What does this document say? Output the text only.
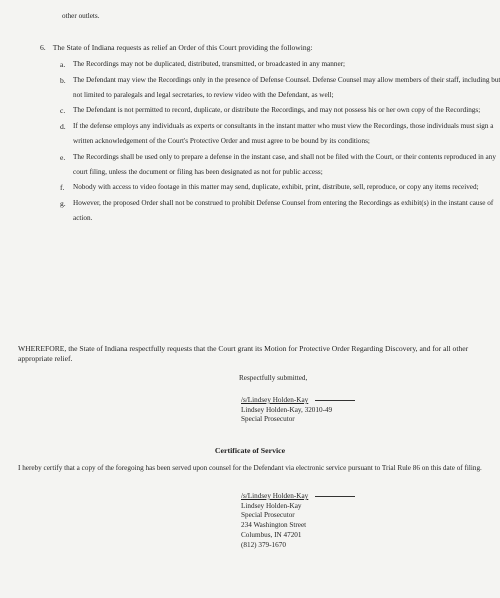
other outlets.
6. The State of Indiana requests as relief an Order of this Court providing the following:
a. The Recordings may not be duplicated, distributed, transmitted, or broadcasted in any manner;
b. The Defendant may view the Recordings only in the presence of Defense Counsel. Defense Counsel may allow members of their staff, including but not limited to paralegals and legal secretaries, to review video with the Defendant, as well;
c. The Defendant is not permitted to record, duplicate, or distribute the Recordings, and may not possess his or her own copy of the Recordings;
d. If the defense employs any individuals as experts or consultants in the instant matter who must view the Recordings, those individuals must sign a written acknowledgement of the Court's Protective Order and must agree to be bound by its conditions;
e. The Recordings shall be used only to prepare a defense in the instant case, and shall not be filed with the Court, or their contents reproduced in any court filing, unless the document or filing has been designated as not for public access;
f. Nobody with access to video footage in this matter may send, duplicate, exhibit, print, distribute, sell, reproduce, or copy any items received;
g. However, the proposed Order shall not be construed to prohibit Defense Counsel from entering the Recordings as exhibit(s) in the instant cause of action.
WHEREFORE, the State of Indiana respectfully requests that the Court grant its Motion for Protective Order Regarding Discovery, and for all other appropriate relief.
Respectfully submitted,
/s/Lindsey Holden-Kay
Lindsey Holden-Kay, 32010-49
Special Prosecutor
Certificate of Service
I hereby certify that a copy of the foregoing has been served upon counsel for the Defendant via electronic service pursuant to Trial Rule 86 on this date of filing.
/s/Lindsey Holden-Kay
Lindsey Holden-Kay
Special Prosecutor
234 Washington Street
Columbus, IN 47201
(812) 379-1670
